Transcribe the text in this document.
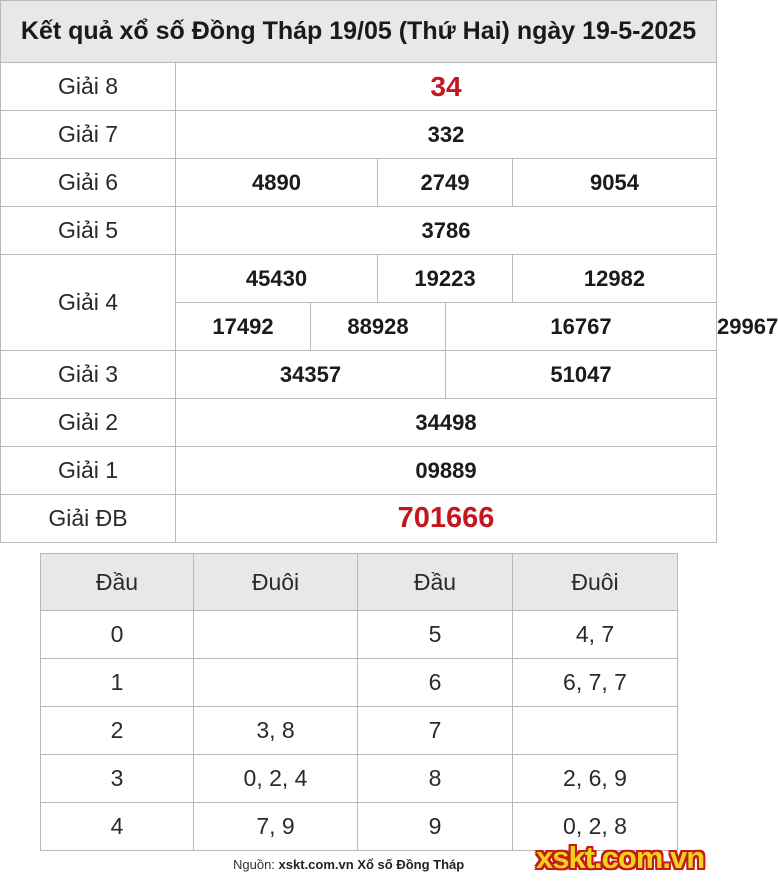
Kết quả xổ số Đồng Tháp 19/05 (Thứ Hai) ngày 19-5-2025						
Giải 8	34					
Giải 7	332					
Giải 6	4890		2749		9054	
Giải 5	3786					
Giải 4	45430		19223		12982	
	17492	88928		16767		29967
Giải 3	34357			51047		
Giải 2	34498					
Giải 1	09889					
Giải ĐB	701666					
Đầu	Đuôi	Đầu	Đuôi
0		5	4, 7
1		6	6, 7, 7
2	3, 8	7	
3	0, 2, 4	8	2, 6, 9
4	7, 9	9	0, 2, 8
Nguồn: xskt.com.vn Xổ số Đồng Tháp xskt.com.vn
